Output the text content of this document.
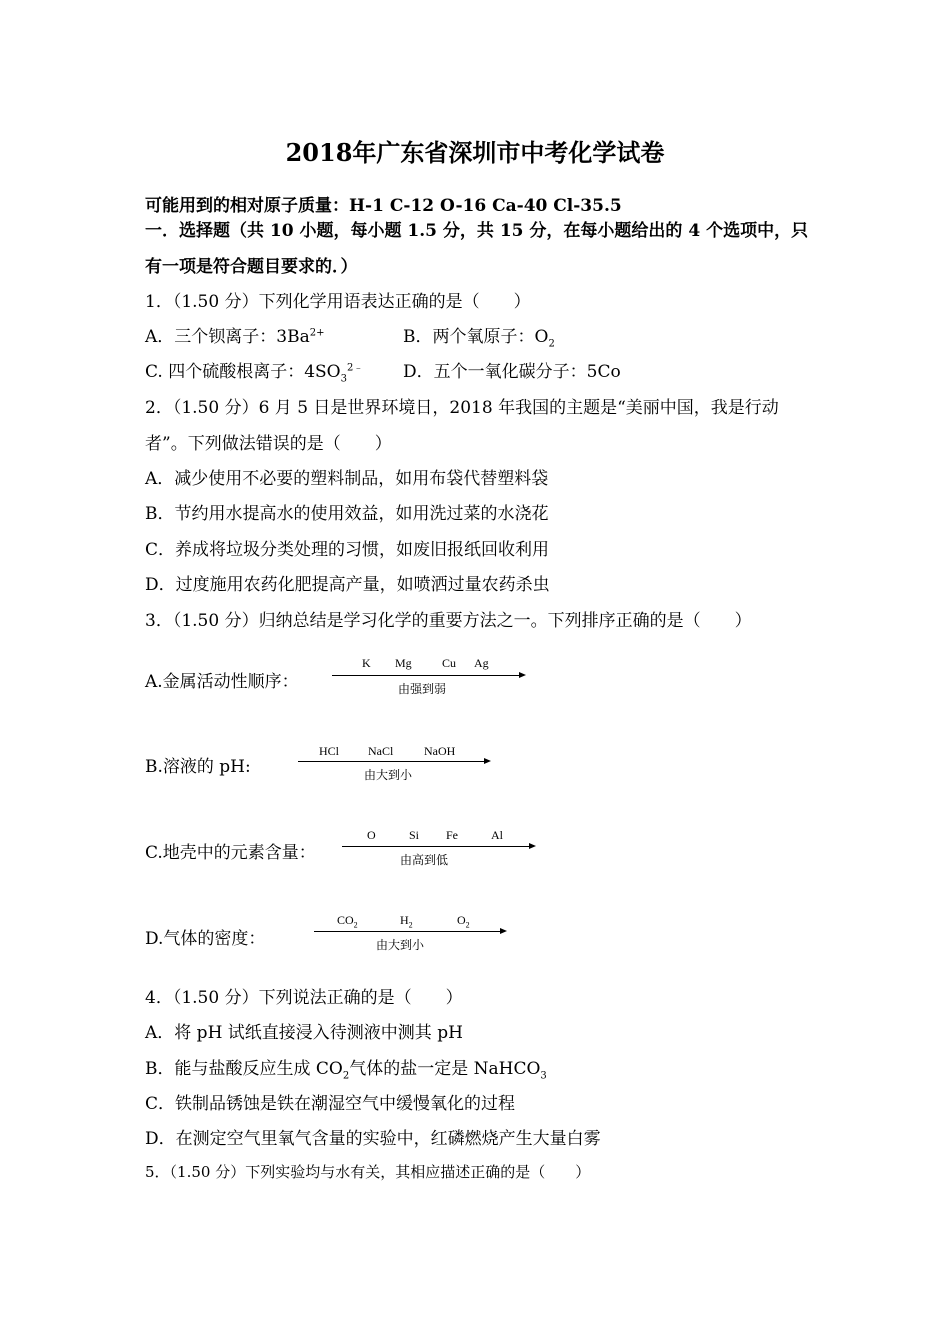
2018年广东省深圳市中考化学试卷
可能用到的相对原子质量：H-1 C-12 O-16 Ca-40 Cl-35.5
一．选择题（共 10 小题，每小题 1.5 分，共 15 分，在每小题给出的 4 个选项中，只
有一项是符合题目要求的．）
1．（1.50 分）下列化学用语表达正确的是（　　）
A．三个钡离子：$3Ba^{2+}$	B．两个氧原子：$O_2$
C. 四个硫酸根离子：$4SO_3^{2﹣}$ D．五个一氧化碳分子：5Co
2．（1.50 分）6 月 5 日是世界环境日，2018 年我国的主题是“美丽中国，我是行动
者”。下列做法错误的是（　　）
A．减少使用不必要的塑料制品，如用布袋代替塑料袋
B．节约用水提高水的使用效益，如用洗过菜的水浇花
C．养成将垃圾分类处理的习惯，如废旧报纸回收利用
D．过度施用农药化肥提高产量，如喷洒过量农药杀虫
3．（1.50 分）归纳总结是学习化学的重要方法之一。下列排序正确的是（　　）
A.金属活动性顺序：
K Mg	Cu Ag
由强到弱
B.溶液的 pH:
HCl NaCl	NaOH
由大到小
C.地壳中的元素含量：
O	Si Fe	Al
由高到低
D.气体的密度：
$CO_2$	$H_2$	$O_2$
由大到小
4．（1.50 分）下列说法正确的是（　　）
A．将 pH 试纸直接浸入待测液中测其 pH
B．能与盐酸反应生成 $CO_2$气体的盐一定是 NaHCO$_3$
C．铁制品锈蚀是铁在潮湿空气中缓慢氧化的过程
D．在测定空气里氧气含量的实验中，红磷燃烧产生大量白雾
5．（1.50 分）下列实验均与水有关，其相应描述正确的是（　　）
